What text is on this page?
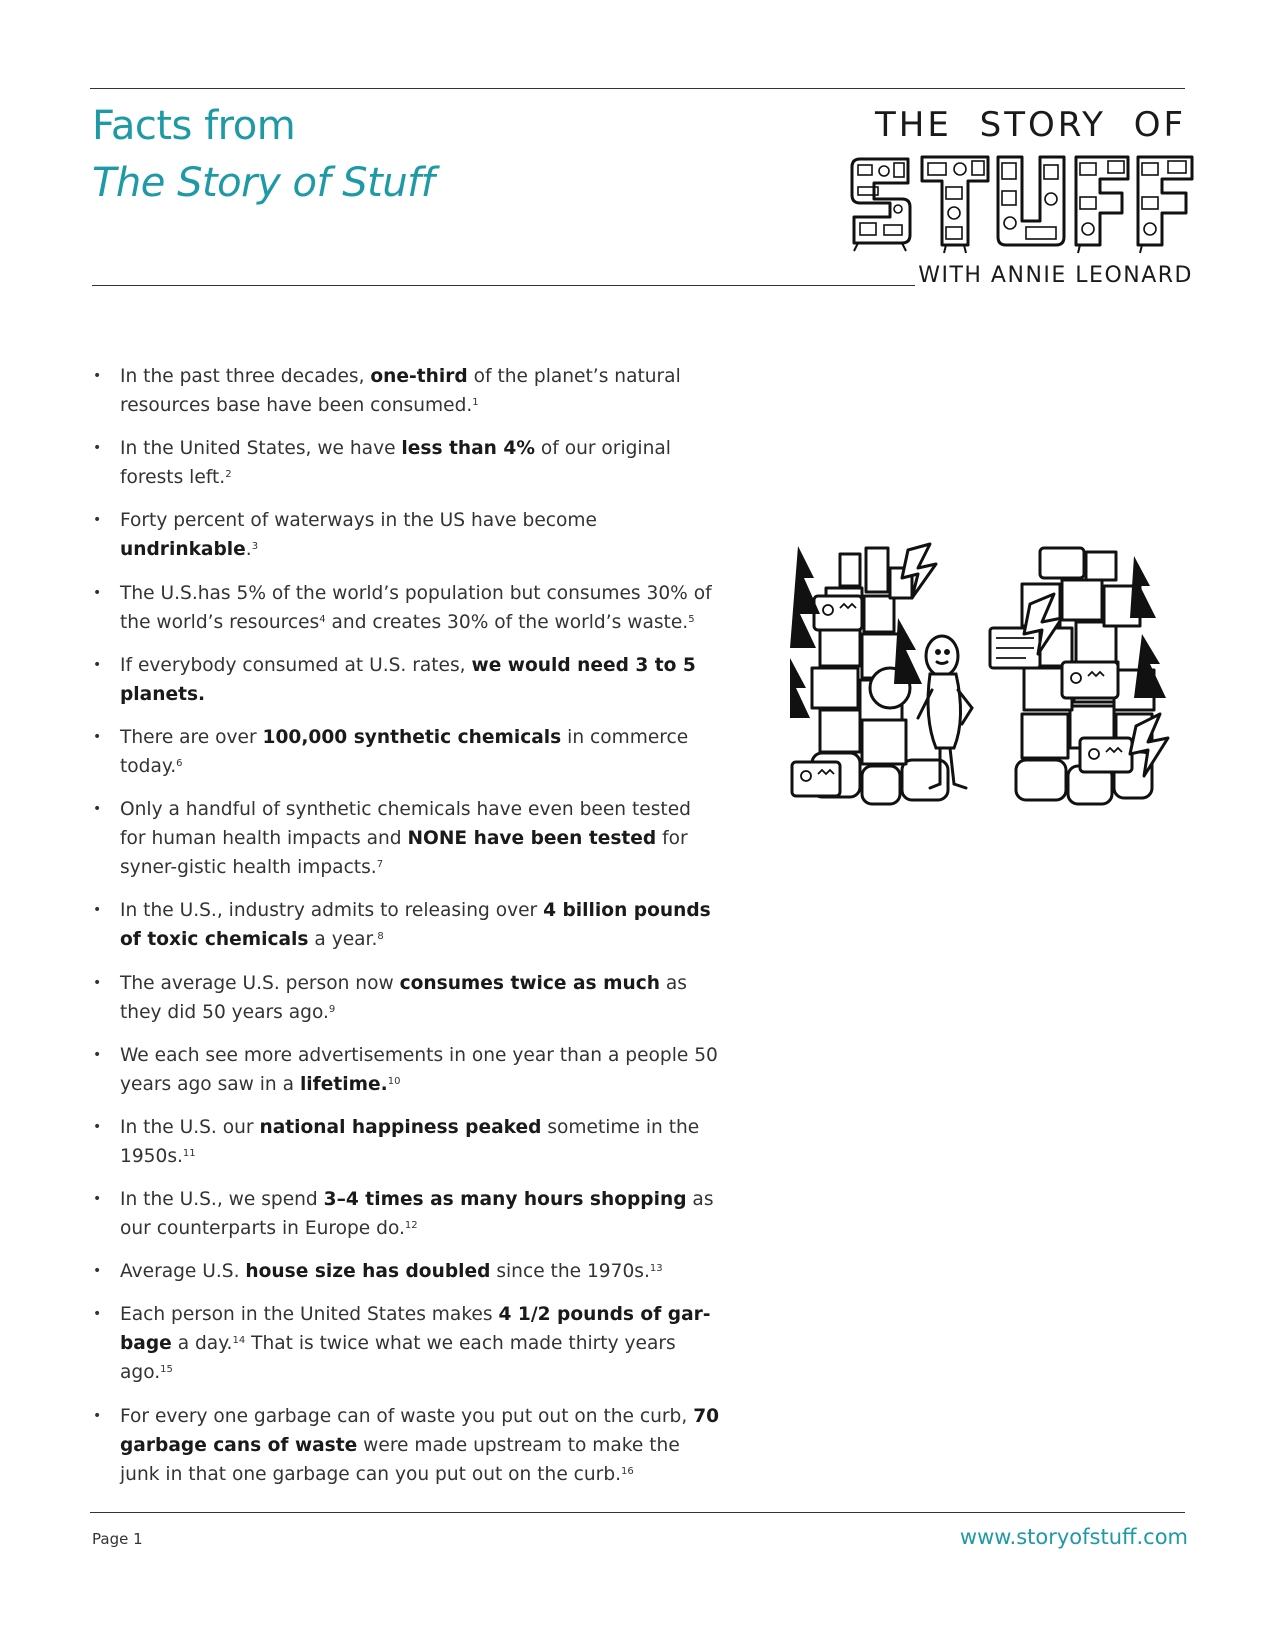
Facts from
The Story of Stuff
THE STORY OF
WITH ANNIE LEONARD
• In the past three decades, one-third of the planet’s natural resources base have been consumed.$^1$
• In the United States, we have less than 4% of our original forests left.$^2$
• Forty percent of waterways in the US have become undrinkable.$^3$
• The U.S.has 5% of the world’s population but consumes 30% of the world’s resources$^4$ and creates 30% of the world’s waste.$^5$
• If everybody consumed at U.S. rates, we would need 3 to 5 planets.
• There are over 100,000 synthetic chemicals in commerce today.$^6$
• Only a handful of synthetic chemicals have even been tested for human health impacts and NONE have been tested for syner-gistic health impacts.$^7$
• In the U.S., industry admits to releasing over 4 billion pounds of toxic chemicals a year.$^8$
• The average U.S. person now consumes twice as much as they did 50 years ago.$^9$
• We each see more advertisements in one year than a people 50 years ago saw in a lifetime.$^{10}$
• In the U.S. our national happiness peaked sometime in the 1950s.$^{11}$
• In the U.S., we spend 3–4 times as many hours shopping as our counterparts in Europe do.$^{12}$
• Average U.S. house size has doubled since the 1970s.$^{13}$
• Each person in the United States makes 4 1/2 pounds of gar-bage a day.$^{14}$ That is twice what we each made thirty years ago.$^{15}$
• For every one garbage can of waste you put out on the curb, 70 garbage cans of waste were made upstream to make the junk in that one garbage can you put out on the curb.$^{16}$
Page 1	www.storyofstuff.com
